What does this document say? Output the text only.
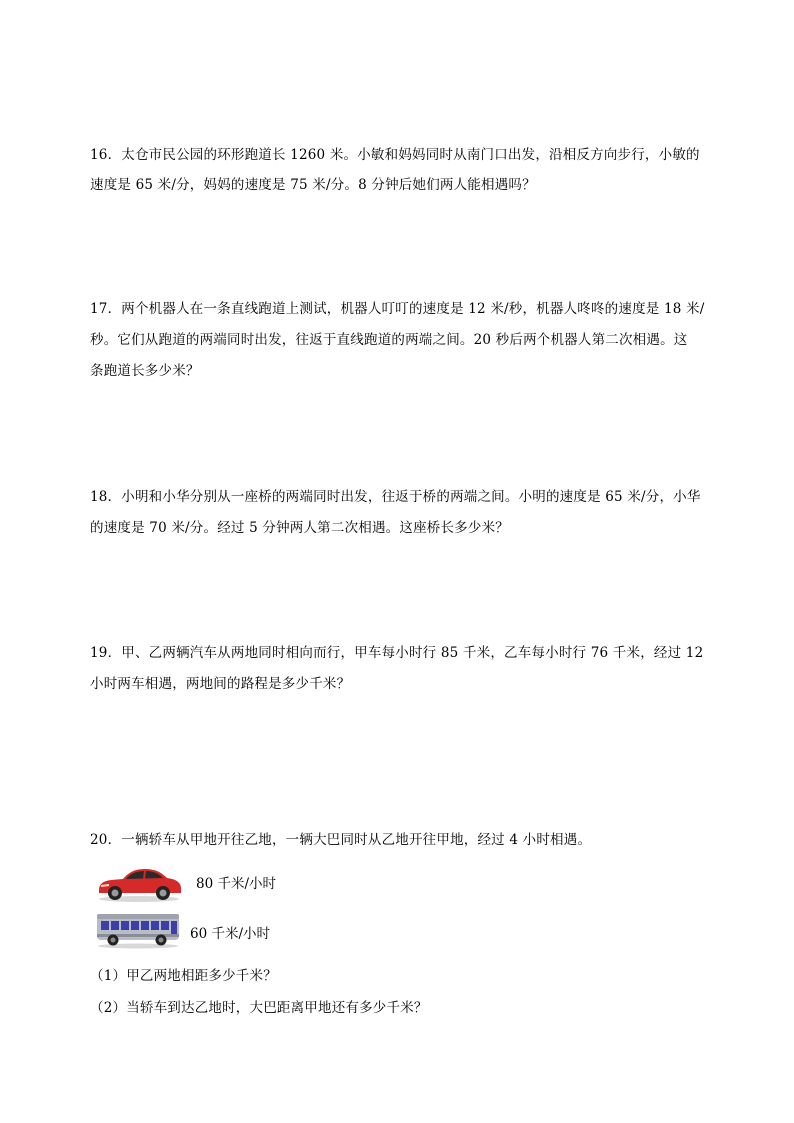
16．太仓市民公园的环形跑道长 1260 米。小敏和妈妈同时从南门口出发，沿相反方向步行，小敏的
速度是 65 米/分，妈妈的速度是 75 米/分。8 分钟后她们两人能相遇吗？
17．两个机器人在一条直线跑道上测试，机器人叮叮的速度是 12 米/秒，机器人咚咚的速度是 18 米/
秒。它们从跑道的两端同时出发，往返于直线跑道的两端之间。20 秒后两个机器人第二次相遇。这
条跑道长多少米？
18．小明和小华分别从一座桥的两端同时出发，往返于桥的两端之间。小明的速度是 65 米/分，小华
的速度是 70 米/分。经过 5 分钟两人第二次相遇。这座桥长多少米？
19．甲、乙两辆汽车从两地同时相向而行，甲车每小时行 85 千米，乙车每小时行 76 千米，经过 12
小时两车相遇，两地间的路程是多少千米？
20．一辆轿车从甲地开往乙地，一辆大巴同时从乙地开往甲地，经过 4 小时相遇。
80 千米/小时
60 千米/小时
（1）甲乙两地相距多少千米？
（2）当轿车到达乙地时，大巴距离甲地还有多少千米？
